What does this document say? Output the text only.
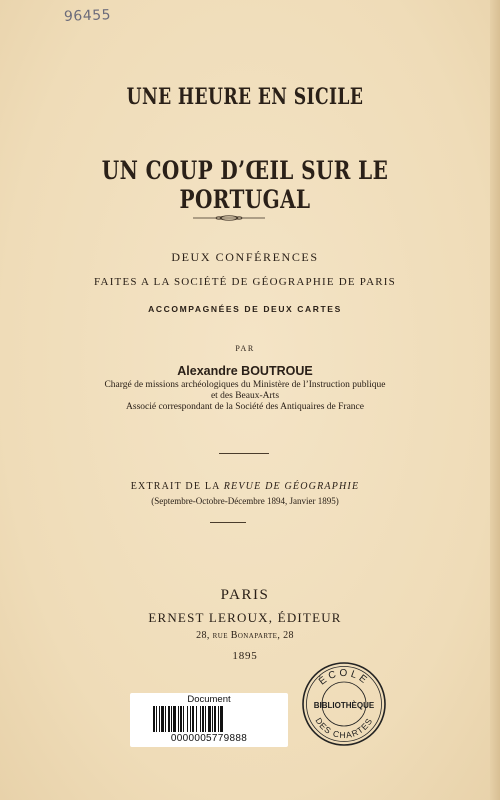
96455
UNE HEURE EN SICILE
UN COUP D’ŒIL SUR LE PORTUGAL
DEUX CONFÉRENCES
FAITES A LA SOCIÉTÉ DE GÉOGRAPHIE DE PARIS
ACCOMPAGNÉES DE DEUX CARTES
PAR
Alexandre BOUTROUE
Chargé de missions archéologiques du Ministère de l’Instruction publique
et des Beaux-Arts
Associé correspondant de la Société des Antiquaires de France
EXTRAIT DE LA REVUE DE GÉOGRAPHIE
(Septembre-Octobre-Décembre 1894, Janvier 1895)
PARIS
ERNEST LEROUX, ÉDITEUR
28, rue Bonaparte, 28
1895
Document
0000005779888
ÉCOLE
BIBLIOTHÈQUE
DES CHARTES
